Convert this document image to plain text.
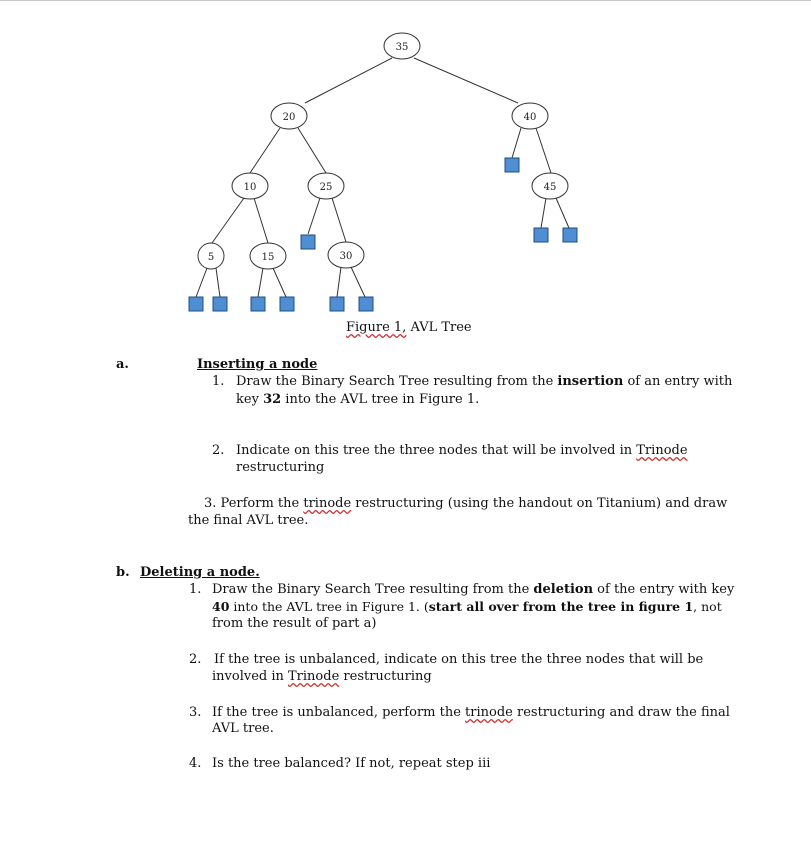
35
20	40
10	25	45
5	15	30
Figure 1, AVL Tree
a.	Inserting a node
1. Draw the Binary Search Tree resulting from the insertion of an entry with
key 32 into the AVL tree in Figure 1.
2. Indicate on this tree the three nodes that will be involved in Trinode
restructuring
3. Perform the trinode restructuring (using the handout on Titanium) and draw
the final AVL tree.
b. Deleting a node.
1. Draw the Binary Search Tree resulting from the deletion of the entry with key
40 into the AVL tree in Figure 1. (start all over from the tree in figure 1, not
from the result of part a)
2. If the tree is unbalanced, indicate on this tree the three nodes that will be
involved in Trinode restructuring
3. If the tree is unbalanced, perform the trinode restructuring and draw the final
AVL tree.
4. Is the tree balanced? If not, repeat step iii
